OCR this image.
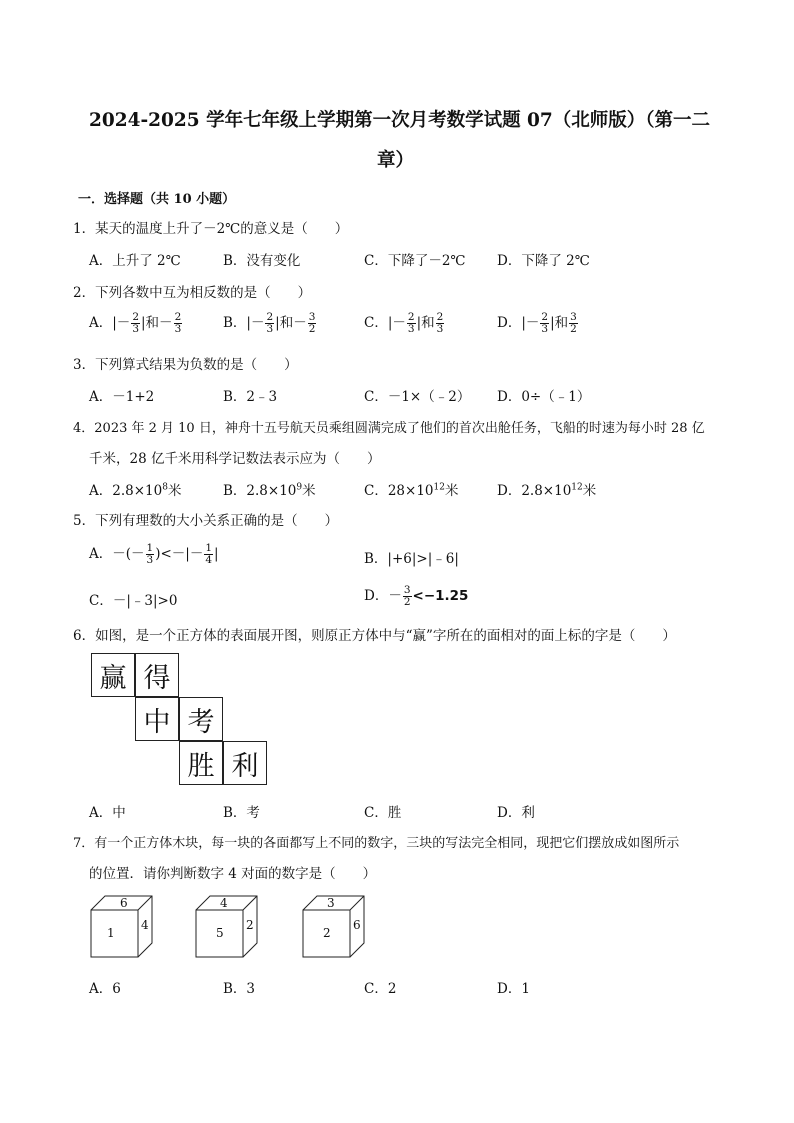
2024-2025 学年七年级上学期第一次月考数学试题 07（北师版）（第一二
章）
一．选择题（共 10 小题）
1．某天的温度上升了－2℃的意义是（　　）
A．上升了 2℃	B．没有变化	C．下降了－2℃ D．下降了 2℃
2．下列各数中互为相反数的是（　　）
A．|－ $\frac{2}{3}$ |和－ $\frac{2}{3}$	B．|－ $\frac{2}{3}$ |和－ $\frac{3}{2}$	C．|－ $\frac{2}{3}$ |和 $\frac{2}{3}$	D．|－ $\frac{2}{3}$ |和 $\frac{3}{2}$
3．下列算式结果为负数的是（　　）
A．－1+2	B．2﹣3	C．－1×（﹣2） D．0÷（﹣1）
4．2023 年 2 月 10 日，神舟十五号航天员乘组圆满完成了他们的首次出舱任务，飞船的时速为每小时 28 亿
千米，28 亿千米用科学记数法表示应为（　　）
A．$2.8\times 10^8$米	B．$2.8\times 10^9$米	C．$28\times 10^{12}$米	D．$2.8\times 10^{12}$米
5．下列有理数的大小关系正确的是（　　）
A．－(－ $\frac{1}{3}$ )<－|－ $\frac{1}{4}$ |	B．|+6|>|﹣6|
C．－|﹣3|>0	D．－ $\frac{3}{2} <-1.25$
6．如图，是一个正方体的表面展开图，则原正方体中与“赢”字所在的面相对的面上标的字是（　　）
赢 得
中 考
胜 利
A．中	B．考	C．胜	D．利
7．有一个正方体木块，每一块的各面都写上不同的数字，三块的写法完全相同，现把它们摆放成如图所示
的位置．请你判断数字 4 对面的数字是（　　）
6
1
4
4
5
2
3
2
6
A．6	B．3	C．2	D．1
